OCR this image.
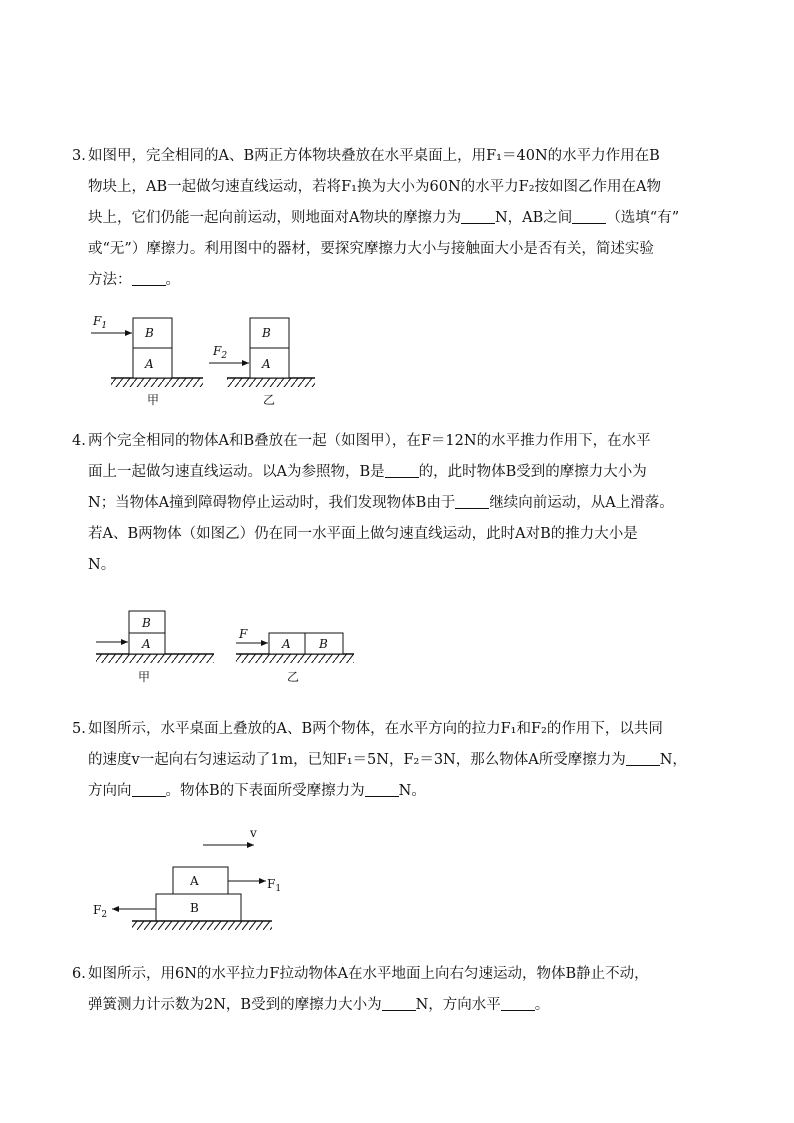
3. 如图甲，完全相同的A、B两正方体物块叠放在水平桌面上，用F₁＝40N的水平力作用在B

物块上，AB一起做匀速直线运动，若将F₁换为大小为60N的水平力F₂按如图乙作用在A物

块上，它们仍能一起向前运动，则地面对A物块的摩擦力为 N，AB之间 （选填“有”

或“无”）摩擦力。利用图中的器材，要探究摩擦力大小与接触面大小是否有关，简述实验

方法： 。

A
B
$F_1$
甲
A
B
$F_2$
乙

4. 两个完全相同的物体A和B叠放在一起（如图甲），在F＝12N的水平推力作用下，在水平

面上一起做匀速直线运动。以A为参照物，B是 的，此时物体B受到的摩擦力大小为

N；当物体A撞到障碍物停止运动时，我们发现物体B由于 继续向前运动，从A上滑落。

若A、B两物体（如图乙）仍在同一水平面上做匀速直线运动，此时A对B的推力大小是

N。

A
B
甲
A B
F
乙

5. 如图所示，水平桌面上叠放的A、B两个物体，在水平方向的拉力F₁和F₂的作用下，以共同

的速度v一起向右匀速运动了1m，已知F₁＝5N，F₂＝3N，那么物体A所受摩擦力为 N，

方向向 。物体B的下表面所受摩擦力为 N。

v
A
B
$F_1$
$F_2$

6. 如图所示，用6N的水平拉力F拉动物体A在水平地面上向右匀速运动，物体B静止不动，

弹簧测力计示数为2N，B受到的摩擦力大小为 N，方向水平 。
